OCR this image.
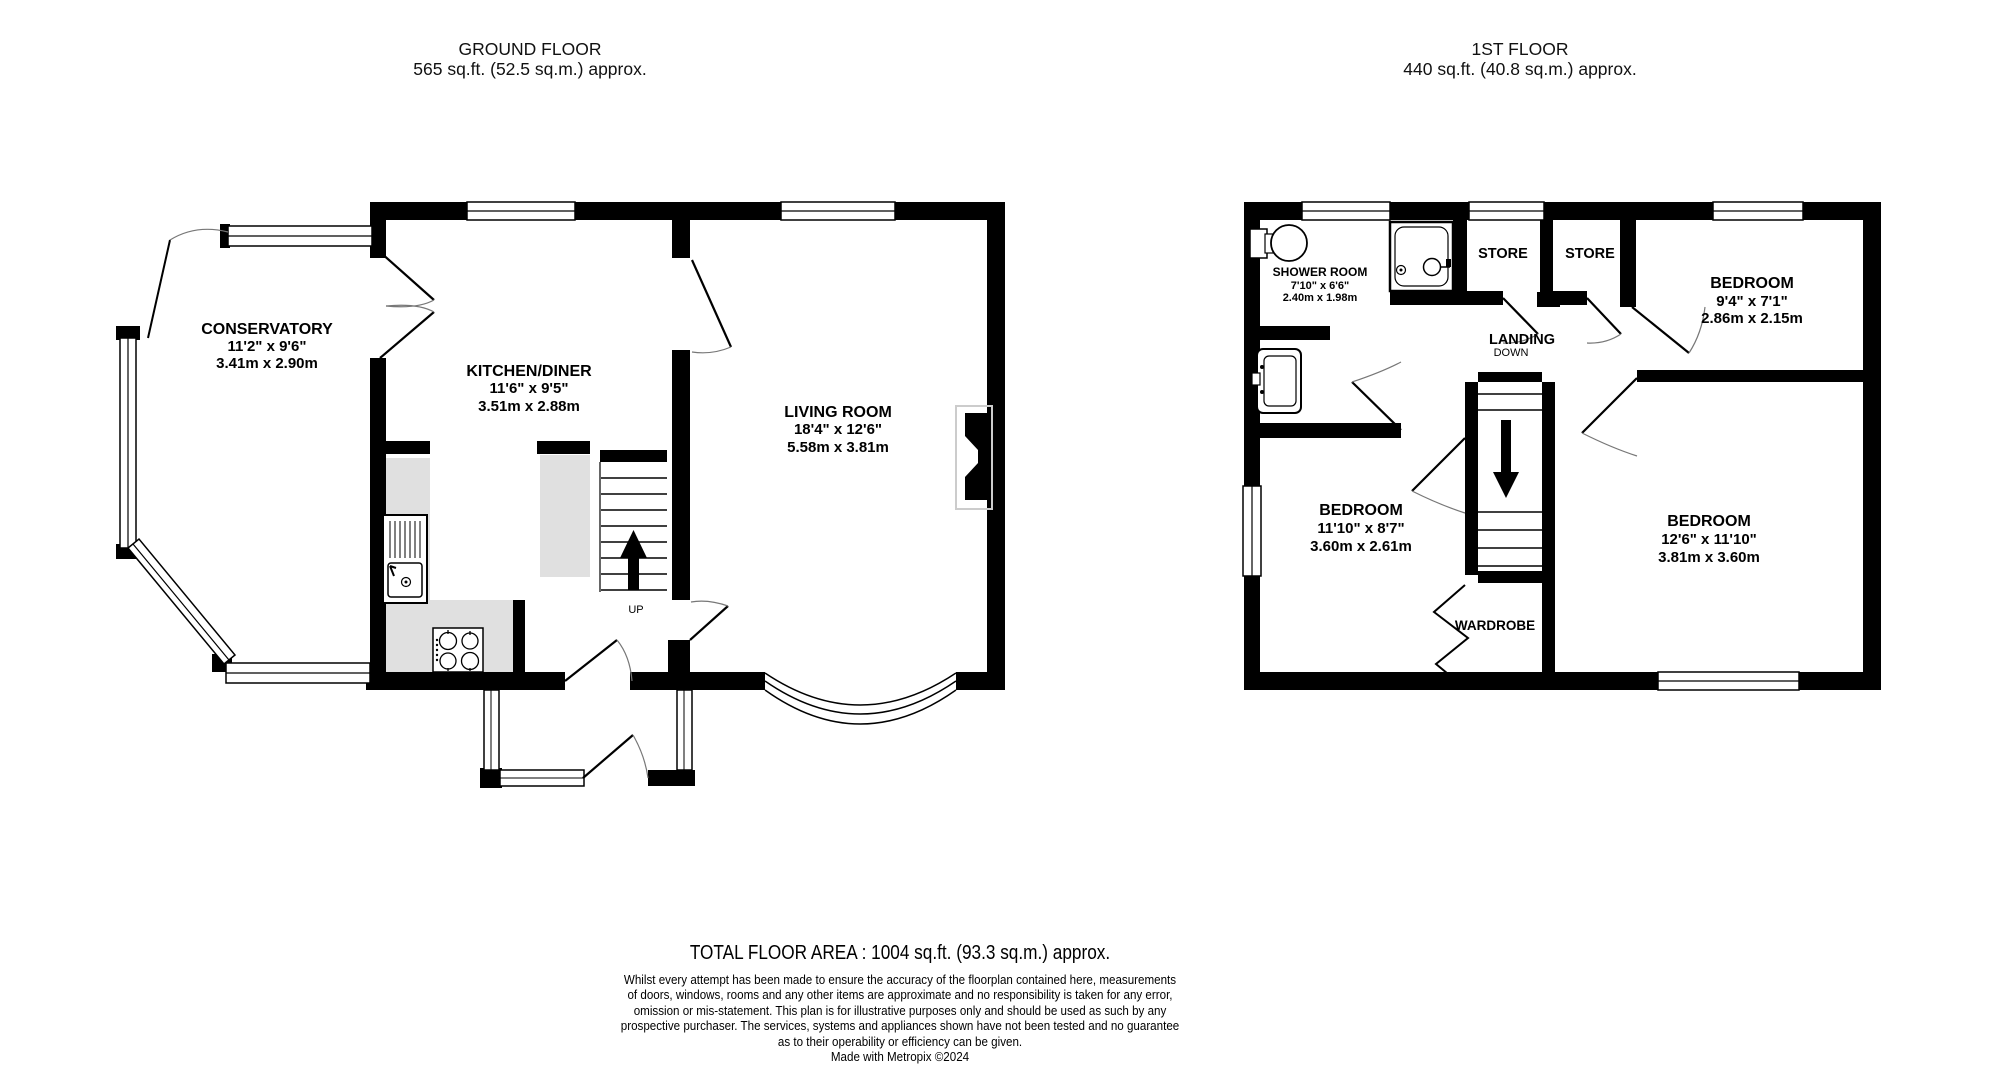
GROUND FLOOR
565 sq.ft. (52.5 sq.m.) approx.
1ST FLOOR
440 sq.ft. (40.8 sq.m.) approx.
CONSERVATORY
11'2" x 9'6"
3.41m x 2.90m	KITCHEN/DINER
11'6" x 9'5"
3.51m x 2.88m	LIVING ROOM
18'4" x 12'6"
5.58m x 3.81m
UP
SHOWER ROOM
7'10" x 6'6"
2.40m x 1.98m
STORE	STORE
BEDROOM
9'4" x 7'1"
2.86m x 2.15m
LANDING
DOWN
BEDROOM
11'10" x 8'7"
3.60m x 2.61m
BEDROOM
12'6" x 11'10"
3.81m x 3.60m
WARDROBE
TOTAL FLOOR AREA : 1004 sq.ft. (93.3 sq.m.) approx.
Whilst every attempt has been made to ensure the accuracy of the floorplan contained here, measurements
of doors, windows, rooms and any other items are approximate and no responsibility is taken for any error,
omission or mis-statement. This plan is for illustrative purposes only and should be used as such by any
prospective purchaser. The services, systems and appliances shown have not been tested and no guarantee
as to their operability or efficiency can be given.
Made with Metropix ©2024
